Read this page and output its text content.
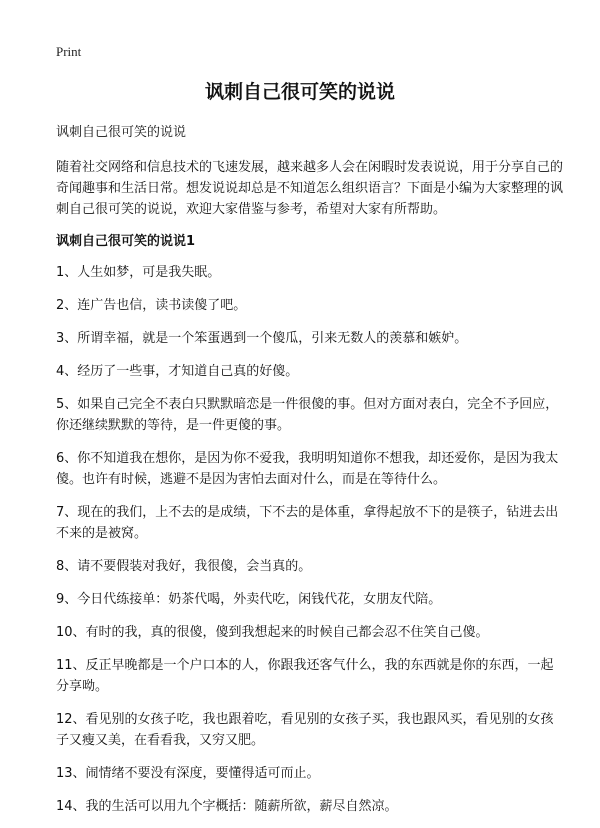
Print
讽刺自己很可笑的说说

讽刺自己很可笑的说说

随着社交网络和信息技术的飞速发展，越来越多人会在闲暇时发表说说，用于分享自己的奇闻趣事和生活日常。想发说说却总是不知道怎么组织语言？下面是小编为大家整理的讽刺自己很可笑的说说，欢迎大家借鉴与参考，希望对大家有所帮助。

讽刺自己很可笑的说说1
1、人生如梦，可是我失眠。
2、连广告也信，读书读傻了吧。
3、所谓幸福，就是一个笨蛋遇到一个傻瓜，引来无数人的羡慕和嫉妒。
4、经历了一些事，才知道自己真的好傻。
5、如果自己完全不表白只默默暗恋是一件很傻的事。但对方面对表白，完全不予回应，你还继续默默的等待，是一件更傻的事。
6、你不知道我在想你，是因为你不爱我，我明明知道你不想我，却还爱你，是因为我太傻。也许有时候，逃避不是因为害怕去面对什么，而是在等待什么。
7、现在的我们，上不去的是成绩，下不去的是体重，拿得起放不下的是筷子，钻进去出不来的是被窝。
8、请不要假装对我好，我很傻，会当真的。
9、今日代练接单：奶茶代喝，外卖代吃，闲钱代花，女朋友代陪。
10、有时的我，真的很傻，傻到我想起来的时候自己都会忍不住笑自己傻。
11、反正早晚都是一个户口本的人，你跟我还客气什么，我的东西就是你的东西，一起分享呦。
12、看见别的女孩子吃，我也跟着吃，看见别的女孩子买，我也跟风买，看见别的女孩子又瘦又美，在看看我，又穷又肥。
13、闹情绪不要没有深度，要懂得适可而止。
14、我的生活可以用九个字概括：随薪所欲，薪尽自然凉。
